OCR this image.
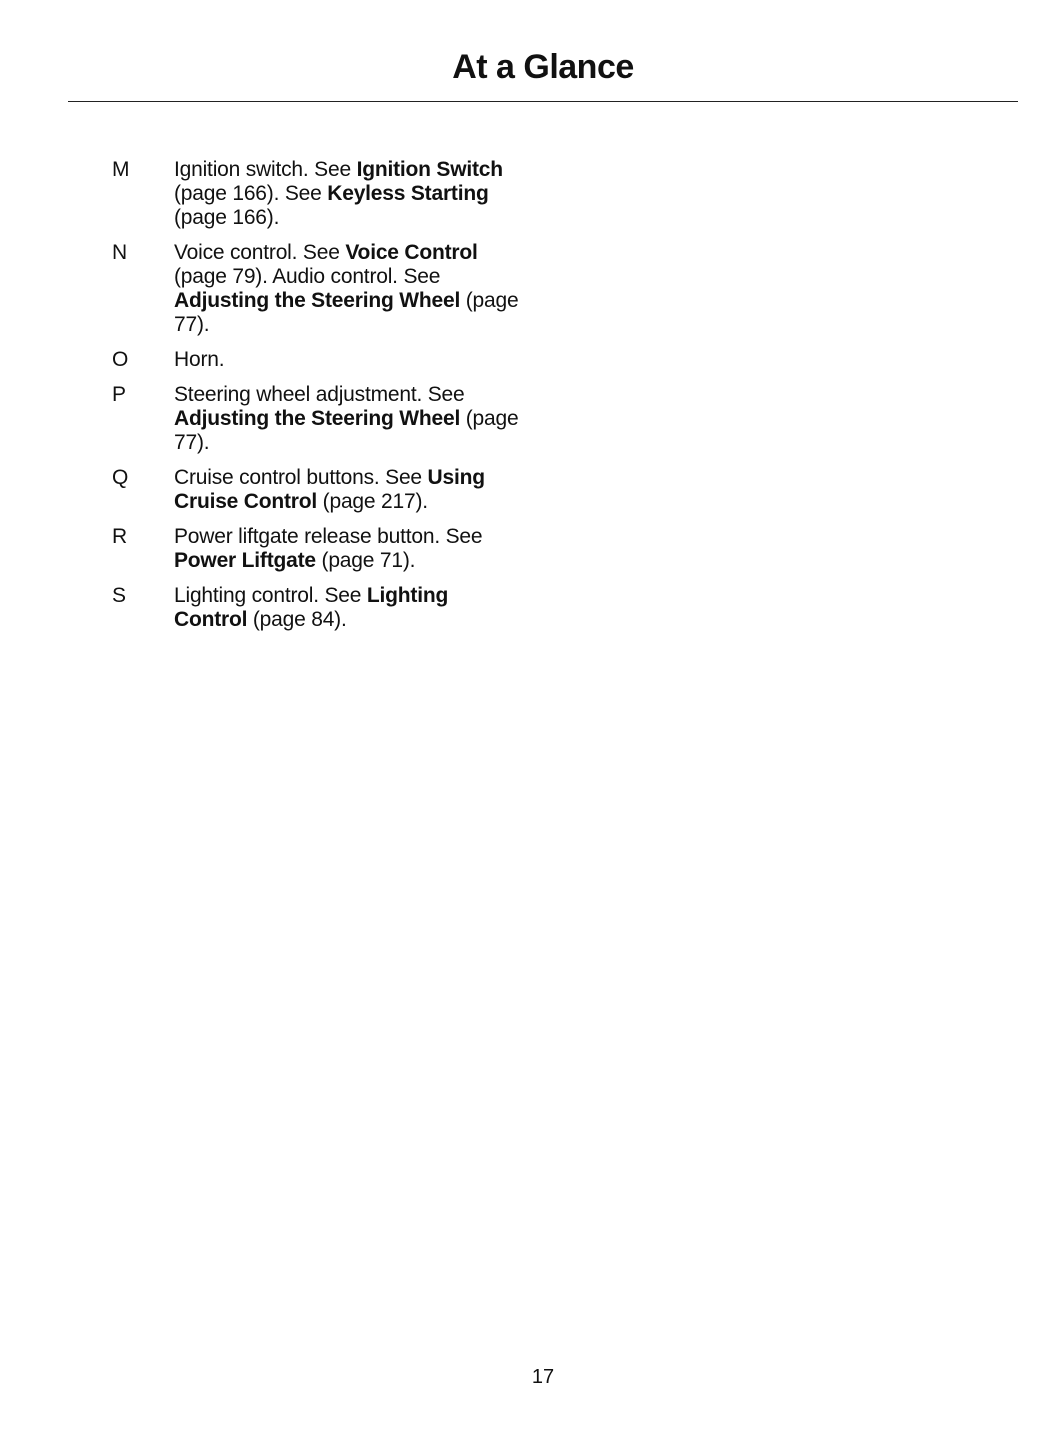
At a Glance
M	Ignition switch. See Ignition Switch (page 166). See Keyless Starting (page 166).
N	Voice control. See Voice Control (page 79). Audio control. See Adjusting the Steering Wheel (page 77).
O	Horn.
P	Steering wheel adjustment. See Adjusting the Steering Wheel (page 77).
Q	Cruise control buttons. See Using Cruise Control (page 217).
R	Power liftgate release button. See Power Liftgate (page 71).
S	Lighting control. See Lighting Control (page 84).
17
